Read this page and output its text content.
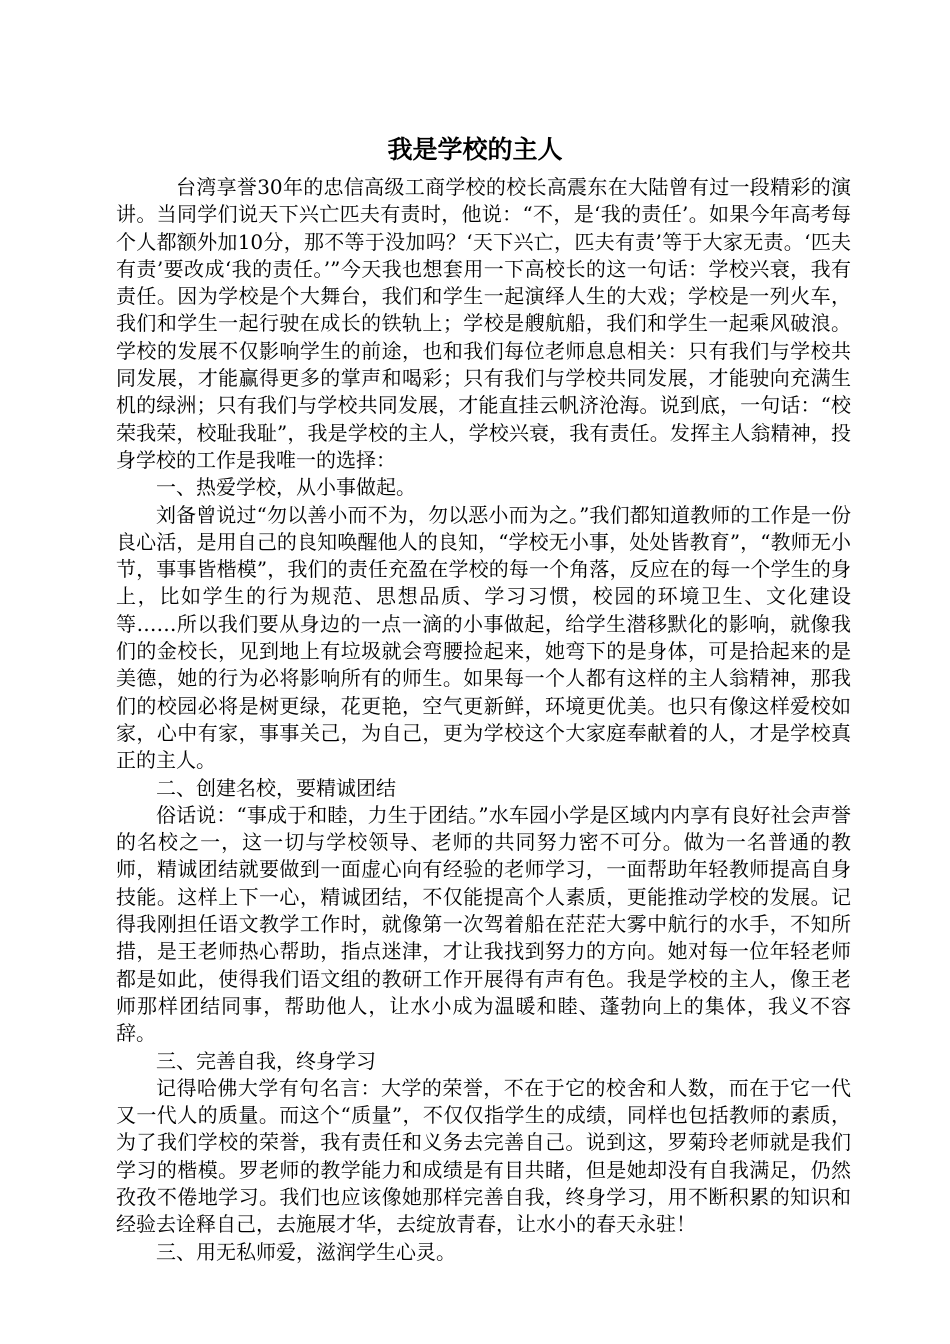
我是学校的主人

台湾享誉30年的忠信高级工商学校的校长高震东在大陆曾有过一段精彩的演讲。当同学们说天下兴亡匹夫有责时，他说：“不，是‘我的责任’。如果今年高考每个人都额外加10分，那不等于没加吗？‘天下兴亡，匹夫有责’等于大家无责。‘匹夫有责’要改成‘我的责任。’”今天我也想套用一下高校长的这一句话：学校兴衰，我有责任。因为学校是个大舞台，我们和学生一起演绎人生的大戏；学校是一列火车，我们和学生一起行驶在成长的铁轨上；学校是艘航船，我们和学生一起乘风破浪。学校的发展不仅影响学生的前途，也和我们每位老师息息相关：只有我们与学校共同发展，才能赢得更多的掌声和喝彩；只有我们与学校共同发展，才能驶向充满生机的绿洲；只有我们与学校共同发展，才能直挂云帆济沧海。说到底，一句话：“校荣我荣，校耻我耻”，我是学校的主人，学校兴衰，我有责任。发挥主人翁精神，投身学校的工作是我唯一的选择：

一、热爱学校，从小事做起。

刘备曾说过“勿以善小而不为，勿以恶小而为之。”我们都知道教师的工作是一份良心活，是用自己的良知唤醒他人的良知，“学校无小事，处处皆教育”，“教师无小节，事事皆楷模”，我们的责任充盈在学校的每一个角落，反应在的每一个学生的身上，比如学生的行为规范、思想品质、学习习惯，校园的环境卫生、文化建设等……所以我们要从身边的一点一滴的小事做起，给学生潜移默化的影响，就像我们的金校长，见到地上有垃圾就会弯腰捡起来，她弯下的是身体，可是拾起来的是美德，她的行为必将影响所有的师生。如果每一个人都有这样的主人翁精神，那我们的校园必将是树更绿，花更艳，空气更新鲜，环境更优美。也只有像这样爱校如家，心中有家，事事关己，为自己，更为学校这个大家庭奉献着的人，才是学校真正的主人。

二、创建名校，要精诚团结

俗话说：“事成于和睦，力生于团结。”水车园小学是区域内内享有良好社会声誉的名校之一，这一切与学校领导、老师的共同努力密不可分。做为一名普通的教师，精诚团结就要做到一面虚心向有经验的老师学习，一面帮助年轻教师提高自身技能。这样上下一心，精诚团结，不仅能提高个人素质，更能推动学校的发展。记得我刚担任语文教学工作时，就像第一次驾着船在茫茫大雾中航行的水手，不知所措，是王老师热心帮助，指点迷津，才让我找到努力的方向。她对每一位年轻老师都是如此，使得我们语文组的教研工作开展得有声有色。我是学校的主人，像王老师那样团结同事，帮助他人，让水小成为温暖和睦、蓬勃向上的集体，我义不容辞。

三、完善自我，终身学习

记得哈佛大学有句名言：大学的荣誉，不在于它的校舍和人数，而在于它一代又一代人的质量。而这个“质量”，不仅仅指学生的成绩，同样也包括教师的素质，为了我们学校的荣誉，我有责任和义务去完善自己。说到这，罗菊玲老师就是我们学习的楷模。罗老师的教学能力和成绩是有目共睹，但是她却没有自我满足，仍然孜孜不倦地学习。我们也应该像她那样完善自我，终身学习，用不断积累的知识和经验去诠释自己，去施展才华，去绽放青春，让水小的春天永驻！

三、用无私师爱，滋润学生心灵。
